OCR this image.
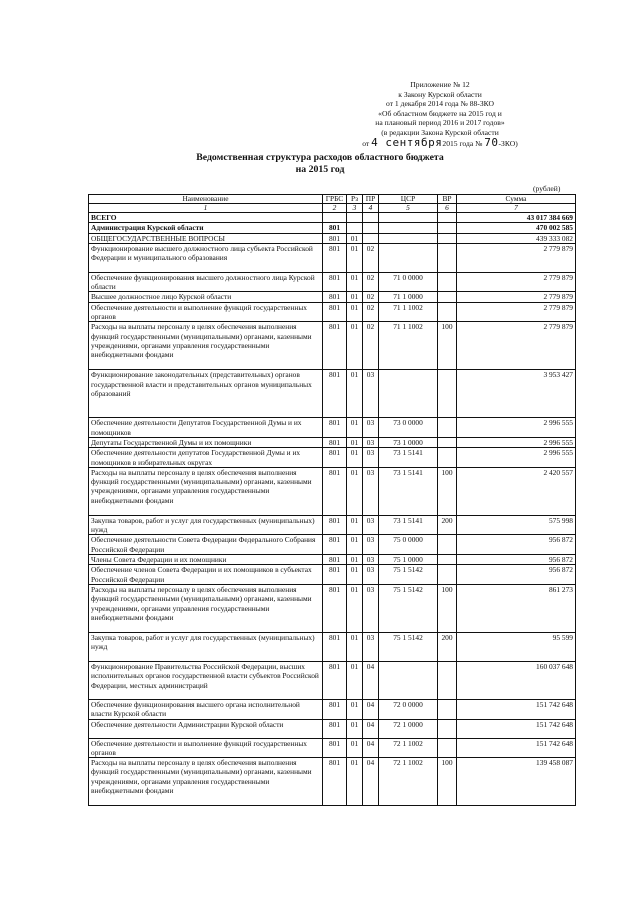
Приложение № 12
к Закону Курской области
от 1 декабря 2014 года № 88-ЗКО
«Об областном бюджете на 2015 год и
на плановый период 2016 и 2017 годов»
(в редакции Закона Курской области
от 4 сентября2015 года № 70-ЗКО)
Ведомственная структура расходов областного бюджета
на 2015 год
(рублей)
Наименование	ГРБС	Рз	ПР	ЦСР	ВР	Сумма
1	2	3	4	5	6	7
ВСЕГО						43 017 384 669
Администрация Курской области	801					470 002 585
ОБЩЕГОСУДАРСТВЕННЫЕ ВОПРОСЫ	801	01				439 333 082
Функционирование высшего должностного лица субъекта Российской Федерации и муниципального образования	801	01	02			2 779 879
Обеспечение функционирования высшего должностного лица Курской области	801	01	02	71 0 0000		2 779 879
Высшее должностное лицо Курской области	801	01	02	71 1 0000		2 779 879
Обеспечение деятельности и выполнение функций государственных органов	801	01	02	71 1 1002		2 779 879
Расходы на выплаты персоналу в целях обеспечения выполнения функций государственными (муниципальными) органами, казенными учреждениями, органами управления государственными внебюджетными фондами	801	01	02	71 1 1002	100	2 779 879
Функционирование законодательных (представительных) органов государственной власти и представительных органов муниципальных образований	801	01	03			3 953 427
Обеспечение деятельности Депутатов Государственной Думы и их помощников	801	01	03	73 0 0000		2 996 555
Депутаты Государственной Думы и их помощники	801	01	03	73 1 0000		2 996 555
Обеспечение деятельности депутатов Государственной Думы и их помощников в избирательных округах	801	01	03	73 1 5141		2 996 555
Расходы на выплаты персоналу в целях обеспечения выполнения функций государственными (муниципальными) органами, казенными учреждениями, органами управления государственными внебюджетными фондами	801	01	03	73 1 5141	100	2 420 557
Закупка товаров, работ и услуг для государственных (муниципальных) нужд	801	01	03	73 1 5141	200	575 998
Обеспечение деятельности Совета Федерации Федерального Собрания Российской Федерации	801	01	03	75 0 0000		956 872
Члены Совета Федерации и их помощники	801	01	03	75 1 0000		956 872
Обеспечение членов Совета Федерации и их помощников в субъектах Российской Федерации	801	01	03	75 1 5142		956 872
Расходы на выплаты персоналу в целях обеспечения выполнения функций государственными (муниципальными) органами, казенными учреждениями, органами управления государственными внебюджетными фондами	801	01	03	75 1 5142	100	861 273
Закупка товаров, работ и услуг для государственных (муниципальных) нужд	801	01	03	75 1 5142	200	95 599
Функционирование Правительства Российской Федерации, высших исполнительных органов государственной власти субъектов Российской Федерации, местных администраций	801	01	04			160 037 648
Обеспечение функционирования высшего органа исполнительной власти Курской области	801	01	04	72 0 0000		151 742 648
Обеспечение деятельности Администрации Курской области	801	01	04	72 1 0000		151 742 648
Обеспечение деятельности и выполнение функций государственных органов	801	01	04	72 1 1002		151 742 648
Расходы на выплаты персоналу в целях обеспечения выполнения функций государственными (муниципальными) органами, казенными учреждениями, органами управления государственными внебюджетными фондами	801	01	04	72 1 1002	100	139 458 087
